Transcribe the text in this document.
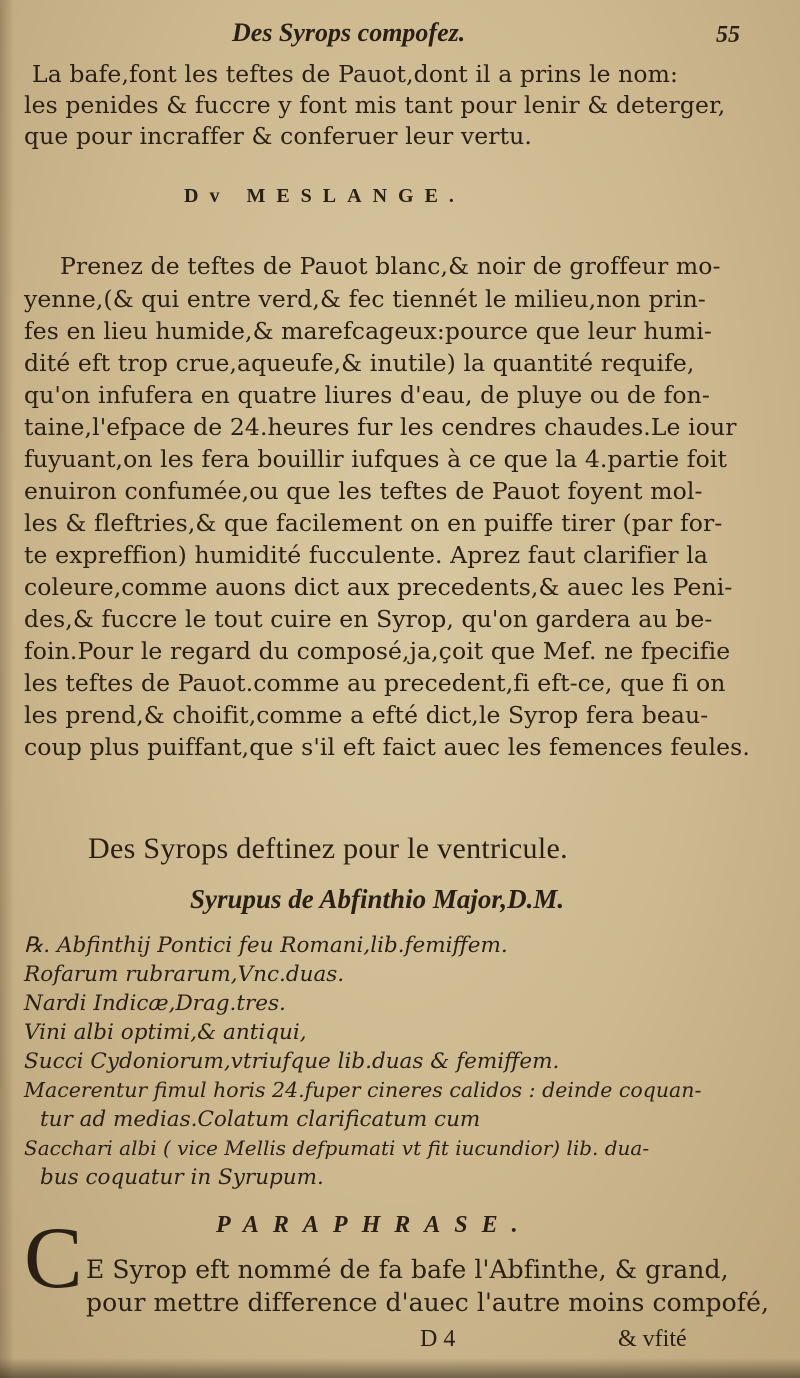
Des Syrops compofez.	55
La bafe,font les teftes de Pauot,dont il a prins le nom:
les penides & fuccre y font mis tant pour lenir & deterger,
que pour incraffer & conferuer leur vertu.
Dv MESLANGE.
Prenez de teftes de Pauot blanc,& noir de groffeur mo-
yenne,(& qui entre verd,& fec tiennét le milieu,non prin-
fes en lieu humide,& marefcageux:pource que leur humi-
dité eft trop crue,aqueufe,& inutile) la quantité requife,
qu'on infufera en quatre liures d'eau, de pluye ou de fon-
taine,l'efpace de 24.heures fur les cendres chaudes.Le iour
fuyuant,on les fera bouillir iufques à ce que la 4.partie foit
enuiron confumée,ou que les teftes de Pauot foyent mol-
les & fleftries,& que facilement on en puiffe tirer (par for-
te expreffion) humidité fucculente. Aprez faut clarifier la
coleure,comme auons dict aux precedents,& auec les Peni-
des,& fuccre le tout cuire en Syrop, qu'on gardera au be-
foin.Pour le regard du composé,ja,çoit que Mef. ne fpecifie
les teftes de Pauot.comme au precedent,fi eft-ce, que fi on
les prend,& choifit,comme a efté dict,le Syrop fera beau-
coup plus puiffant,que s'il eft faict auec les femences feules.
Des Syrops deftinez pour le ventricule.
Syrupus de Abfinthio Major,D.M.
℞. Abfinthij Pontici feu Romani,lib.femiffem.
Rofarum rubrarum,Vnc.duas.
Nardi Indicæ,Drag.tres.
Vini albi optimi,& antiqui,
Succi Cydoniorum,vtriufque lib.duas & femiffem.
Macerentur fimul horis 24.fuper cineres calidos : deinde coquan-
tur ad medias.Colatum clarificatum cum
Sacchari albi ( vice Mellis defpumati vt fit iucundior) lib. dua-
bus coquatur in Syrupum.
C E Syrop eft nommé de fa bafe l'Abfinthe, & grand,
pour mettre difference d'auec l'autre moins compofé,
D 4	& vfité
PARAPHRASE.
